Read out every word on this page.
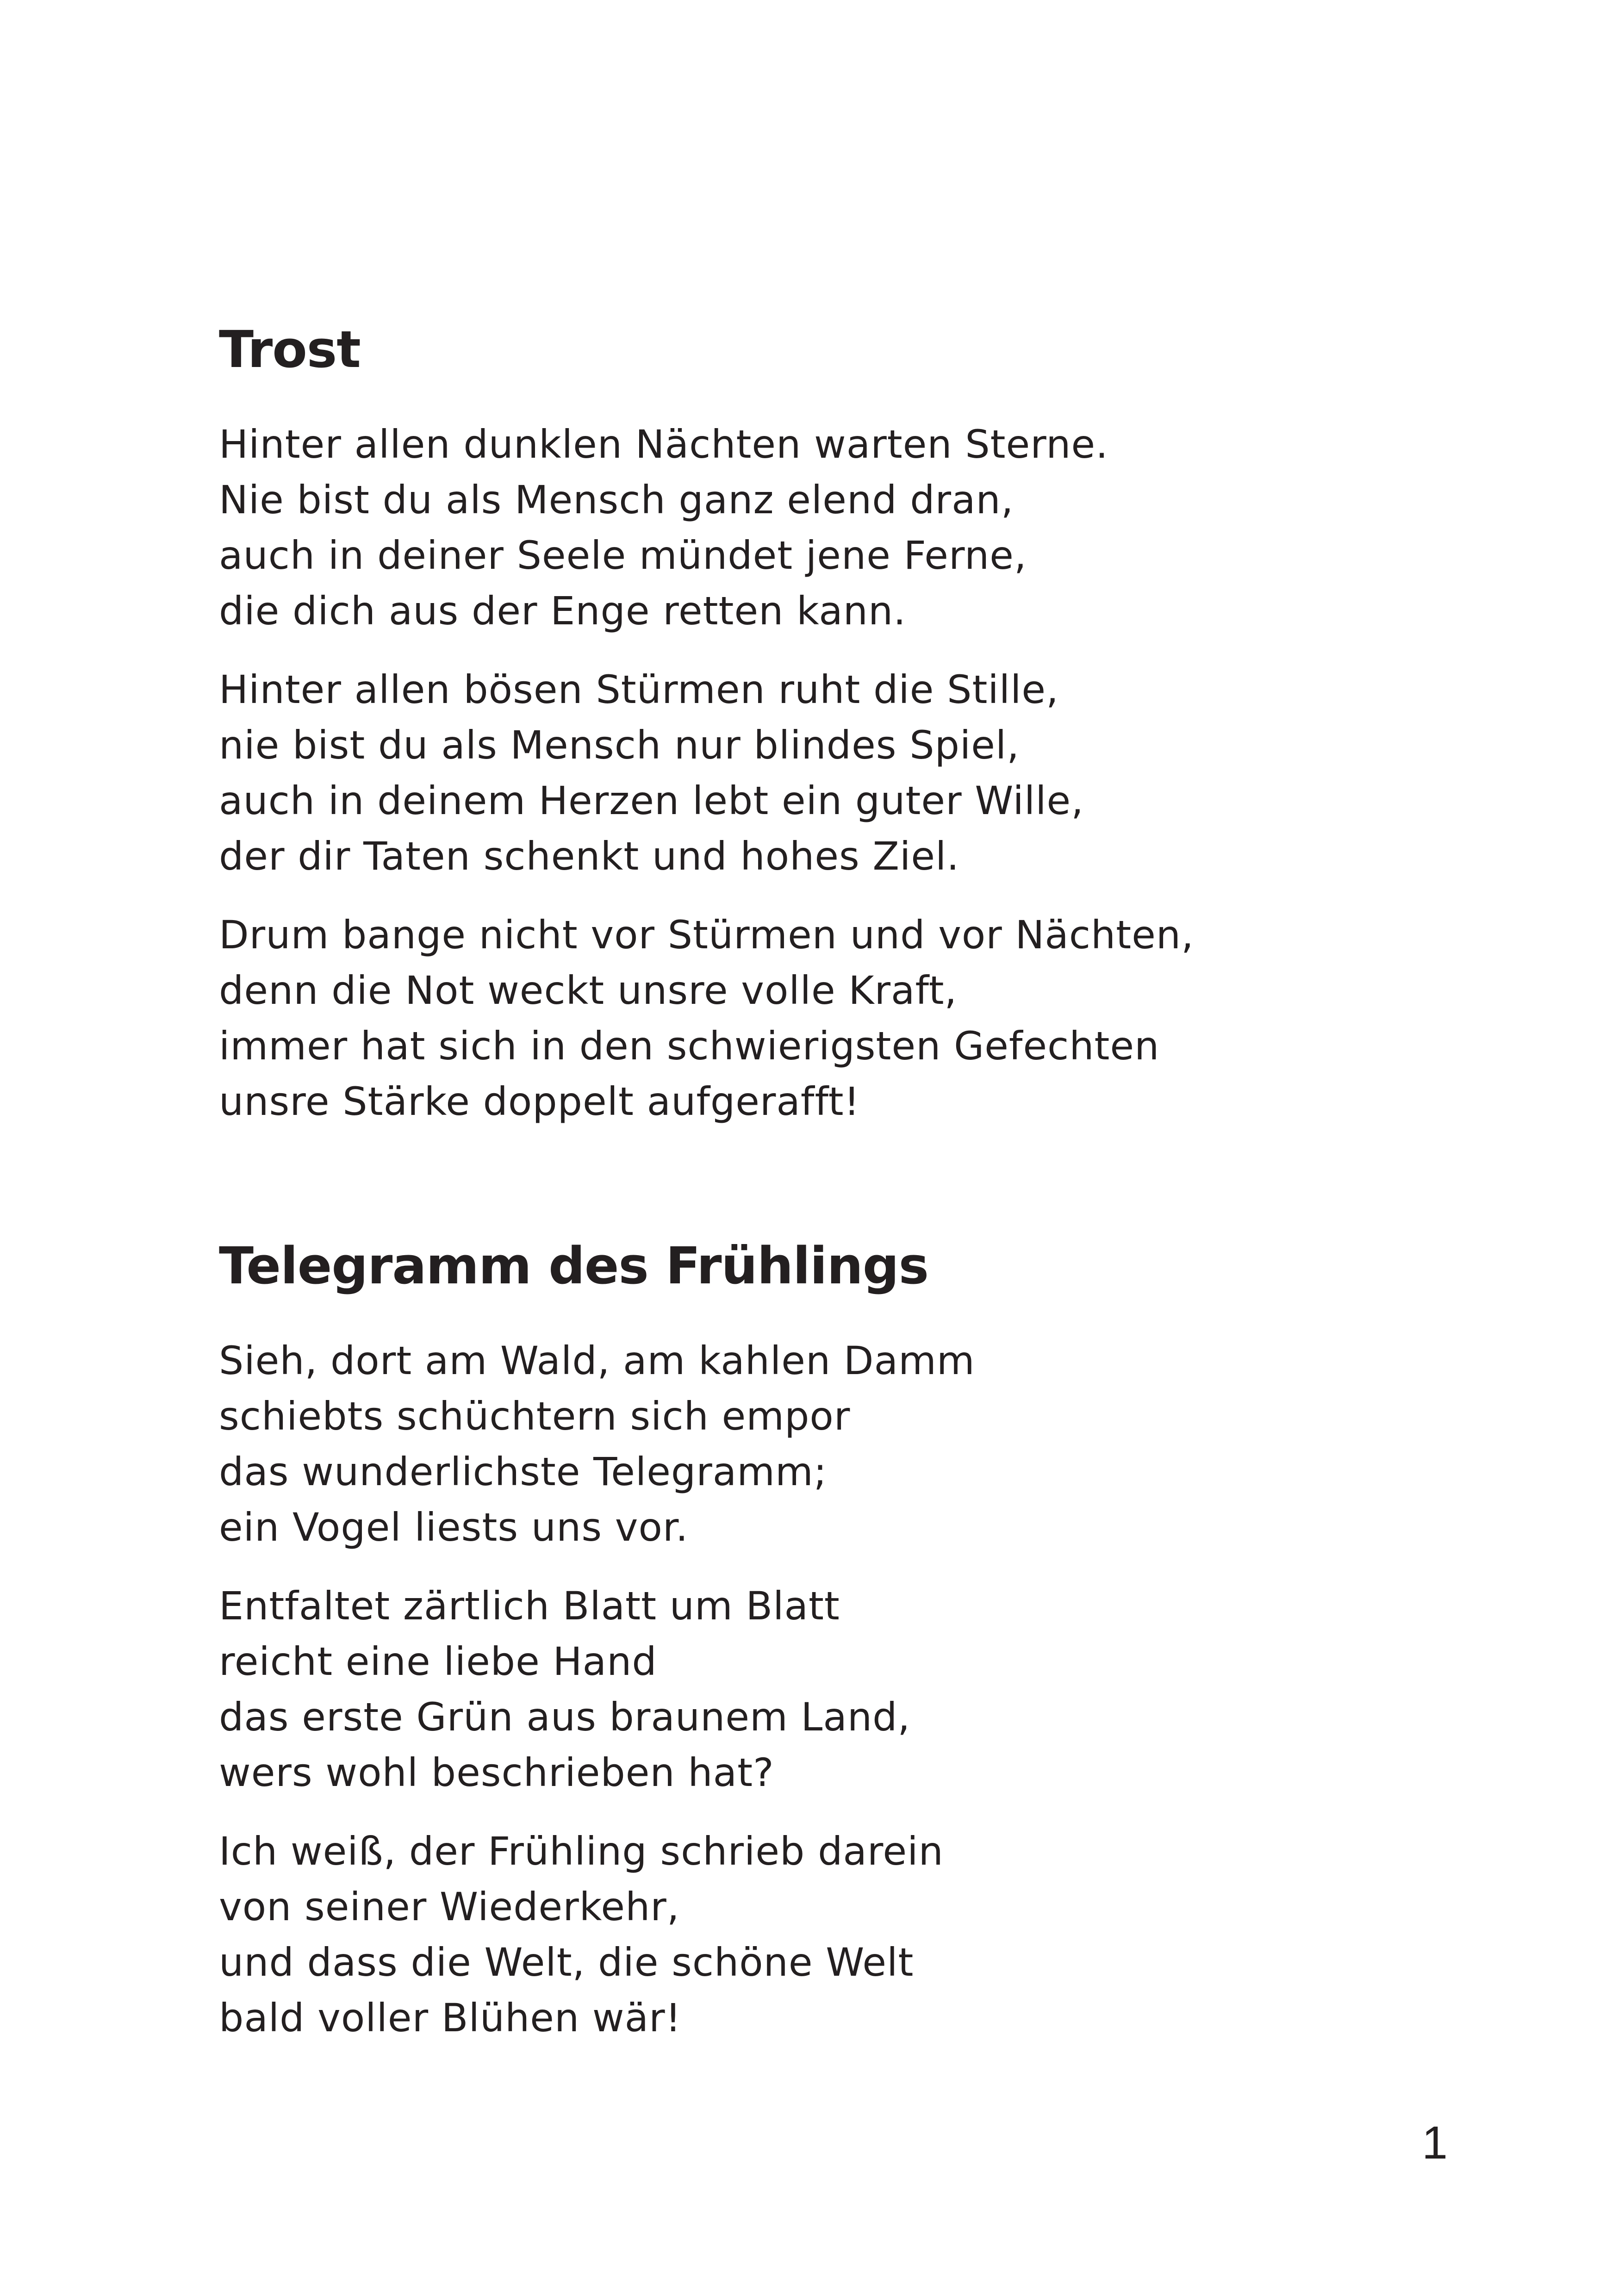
Trost
Hinter allen dunklen Nächten warten Sterne.
Nie bist du als Mensch ganz elend dran,
auch in deiner Seele mündet jene Ferne,
die dich aus der Enge retten kann.
Hinter allen bösen Stürmen ruht die Stille,
nie bist du als Mensch nur blindes Spiel,
auch in deinem Herzen lebt ein guter Wille,
der dir Taten schenkt und hohes Ziel.
Drum bange nicht vor Stürmen und vor Nächten,
denn die Not weckt unsre volle Kraft,
immer hat sich in den schwierigsten Gefechten
unsre Stärke doppelt aufgerafft!
Telegramm des Frühlings
Sieh, dort am Wald, am kahlen Damm
schiebts schüchtern sich empor
das wunderlichste Telegramm;
ein Vogel liests uns vor.
Entfaltet zärtlich Blatt um Blatt
reicht eine liebe Hand
das erste Grün aus braunem Land,
wers wohl beschrieben hat?
Ich weiß, der Frühling schrieb darein
von seiner Wiederkehr,
und dass die Welt, die schöne Welt
bald voller Blühen wär!
1
